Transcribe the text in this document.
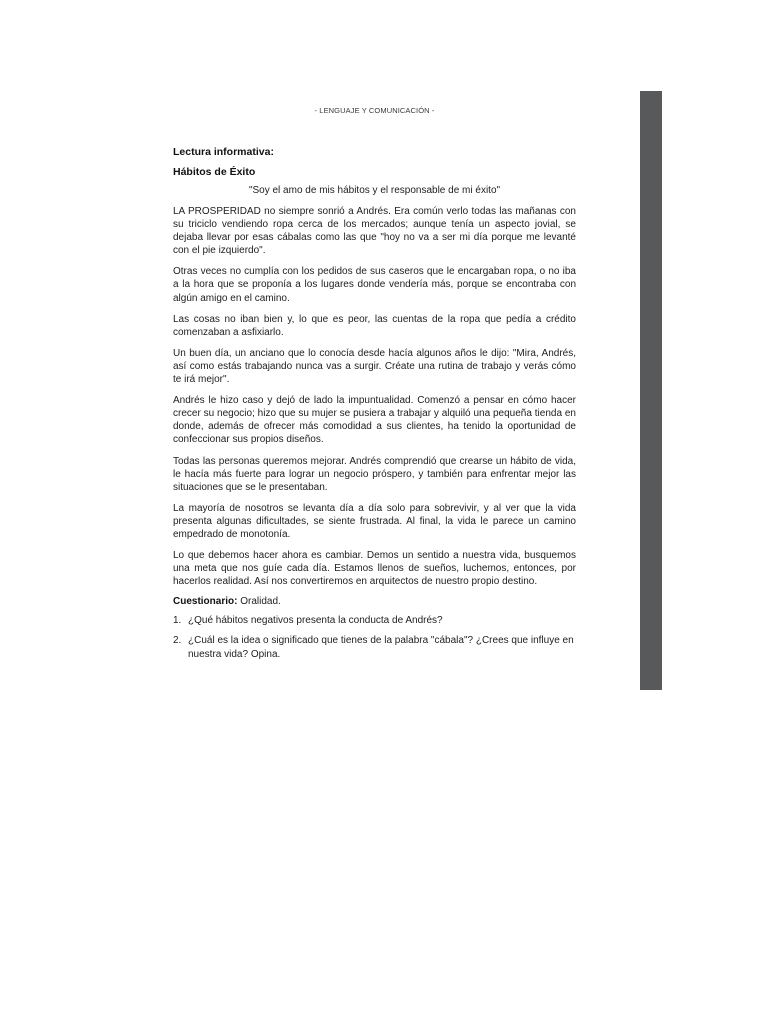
- LENGUAJE Y COMUNICACIÓN -
Lectura informativa:
Hábitos de Éxito
"Soy el amo de mis hábitos y el responsable de mi éxito"

LA PROSPERIDAD no siempre sonrió a Andrés. Era común verlo todas las mañanas con su triciclo vendiendo ropa cerca de los mercados; aunque tenía un aspecto jovial, se dejaba llevar por esas cábalas como las que "hoy no va a ser mi día porque me levanté con el pie izquierdo".

Otras veces no cumplía con los pedidos de sus caseros que le encargaban ropa, o no iba a la hora que se proponía a los lugares donde vendería más, porque se encontraba con algún amigo en el camino.

Las cosas no iban bien y, lo que es peor, las cuentas de la ropa que pedía a crédito comenzaban a asfixiarlo.

Un buen día, un anciano que lo conocía desde hacía algunos años le dijo: "Mira, Andrés, así como estás trabajando nunca vas a surgir. Créate una rutina de trabajo y verás cómo te irá mejor".

Andrés le hizo caso y dejó de lado la impuntualidad. Comenzó a pensar en cómo hacer crecer su negocio; hizo que su mujer se pusiera a trabajar y alquiló una pequeña tienda en donde, además de ofrecer más comodidad a sus clientes, ha tenido la oportunidad de confeccionar sus propios diseños.

Todas las personas queremos mejorar. Andrés comprendió que crearse un hábito de vida, le hacía más fuerte para lograr un negocio próspero, y también para enfrentar mejor las situaciones que se le presentaban.

La mayoría de nosotros se levanta día a día solo para sobrevivir, y al ver que la vida presenta algunas dificultades, se siente frustrada. Al final, la vida le parece un camino empedrado de monotonía.

Lo que debemos hacer ahora es cambiar. Demos un sentido a nuestra vida, busquemos una meta que nos guíe cada día. Estamos llenos de sueños, luchemos, entonces, por hacerlos realidad. Así nos convertiremos en arquitectos de nuestro propio destino.

Cuestionario: Oralidad.
1. ¿Qué hábitos negativos presenta la conducta de Andrés?
2. ¿Cuál es la idea o significado que tienes de la palabra "cábala"? ¿Crees que influye en nuestra vida? Opina.
